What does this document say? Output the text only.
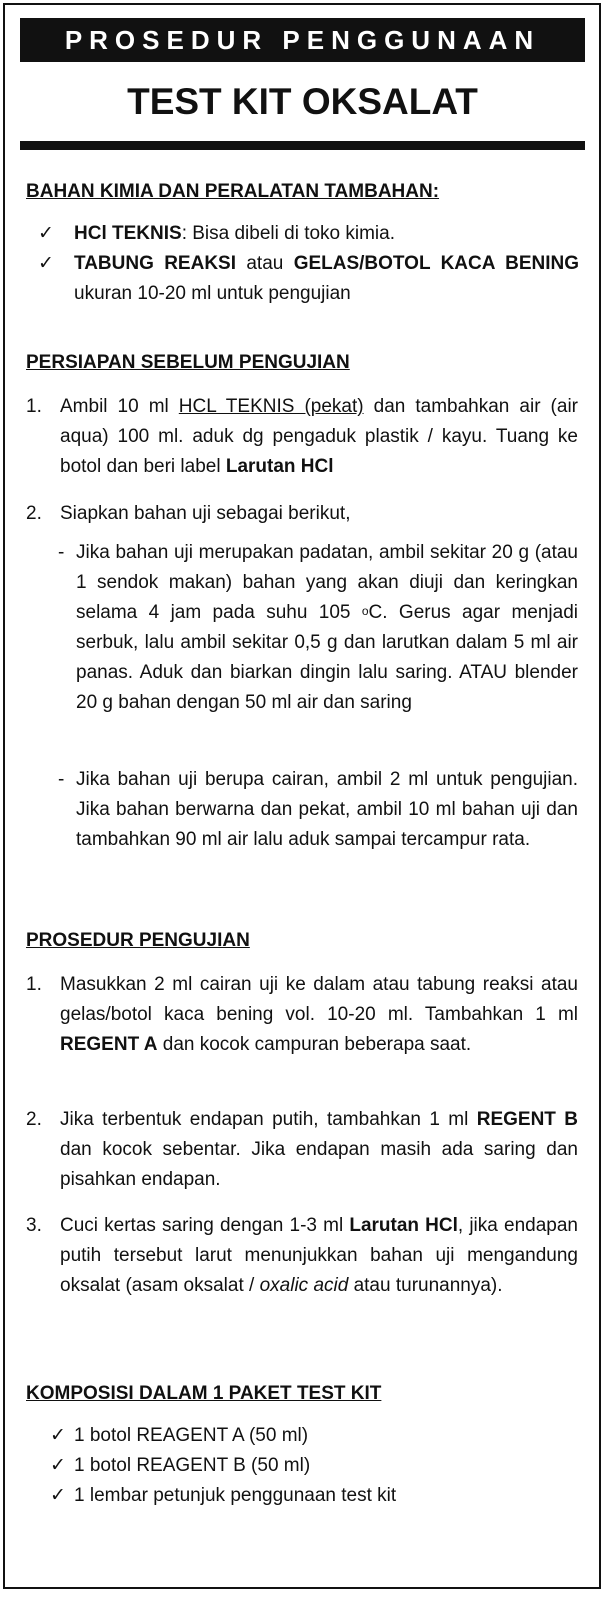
PROSEDUR PENGGUNAAN
TEST KIT OKSALAT
BAHAN KIMIA DAN PERALATAN TAMBAHAN:
✓ HCl TEKNIS: Bisa dibeli di toko kimia.
✓ TABUNG REAKSI atau GELAS/BOTOL KACA BENING ukuran 10-20 ml untuk pengujian
PERSIAPAN SEBELUM PENGUJIAN
1. Ambil 10 ml HCL TEKNIS (pekat) dan tambahkan air (air aqua) 100 ml. aduk dg pengaduk plastik / kayu. Tuang ke botol dan beri label Larutan HCl
2. Siapkan bahan uji sebagai berikut,
- Jika bahan uji merupakan padatan, ambil sekitar 20 g (atau 1 sendok makan) bahan yang akan diuji dan keringkan selama 4 jam pada suhu 105 $^o$C. Gerus agar menjadi serbuk, lalu ambil sekitar 0,5 g dan larutkan dalam 5 ml air panas. Aduk dan biarkan dingin lalu saring. ATAU blender 20 g bahan dengan 50 ml air dan saring
- Jika bahan uji berupa cairan, ambil 2 ml untuk pengujian. Jika bahan berwarna dan pekat, ambil 10 ml bahan uji dan tambahkan 90 ml air lalu aduk sampai tercampur rata.
PROSEDUR PENGUJIAN
1. Masukkan 2 ml cairan uji ke dalam atau tabung reaksi atau gelas/botol kaca bening vol. 10-20 ml. Tambahkan 1 ml REGENT A dan kocok campuran beberapa saat.
2. Jika terbentuk endapan putih, tambahkan 1 ml REGENT B dan kocok sebentar. Jika endapan masih ada saring dan pisahkan endapan.
3. Cuci kertas saring dengan 1-3 ml Larutan HCl, jika endapan putih tersebut larut menunjukkan bahan uji mengandung oksalat (asam oksalat / oxalic acid atau turunannya).
KOMPOSISI DALAM 1 PAKET TEST KIT
✓ 1 botol REAGENT A (50 ml)
✓ 1 botol REAGENT B (50 ml)
✓ 1 lembar petunjuk penggunaan test kit
